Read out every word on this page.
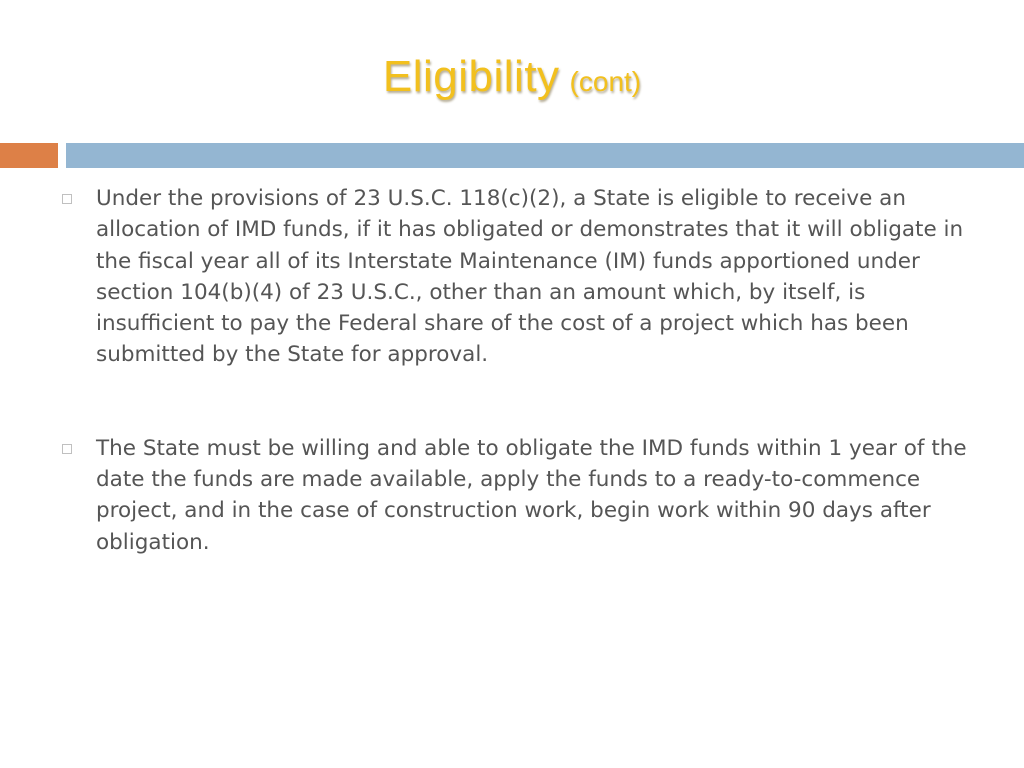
Eligibility (cont)
Under the provisions of 23 U.S.C. 118(c)(2), a State is eligible to receive an allocation of IMD funds, if it has obligated or demonstrates that it will obligate in the fiscal year all of its Interstate Maintenance (IM) funds apportioned under section 104(b)(4) of 23 U.S.C., other than an amount which, by itself, is insufficient to pay the Federal share of the cost of a project which has been submitted by the State for approval.
The State must be willing and able to obligate the IMD funds within 1 year of the date the funds are made available, apply the funds to a ready-to-commence project, and in the case of construction work, begin work within 90 days after obligation.
